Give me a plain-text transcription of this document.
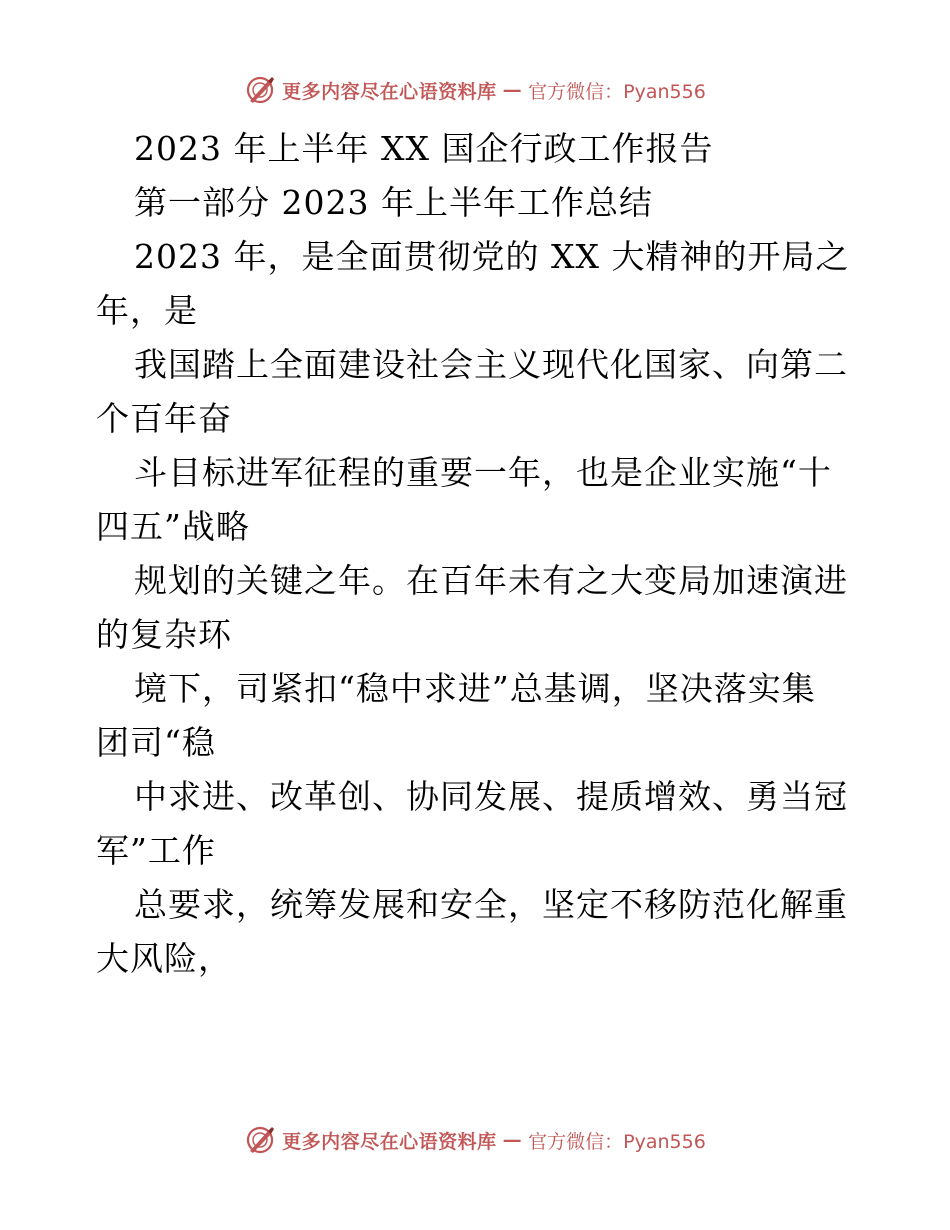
更多内容尽在心语资料库 — 官方微信：Pyan556
2023 年上半年 XX 国企行政工作报告
第一部分 2023 年上半年工作总结
2023 年，是全面贯彻党的 XX 大精神的开局之
年，是
我国踏上全面建设社会主义现代化国家、向第二
个百年奋
斗目标进军征程的重要一年，也是企业实施“十
四五”战略
规划的关键之年。在百年未有之大变局加速演进
的复杂环
境下，司紧扣“稳中求进”总基调，坚决落实集
团司“稳
中求进、改革创、协同发展、提质增效、勇当冠
军”工作
总要求，统筹发展和安全，坚定不移防范化解重
大风险，
更多内容尽在心语资料库 — 官方微信：Pyan556
